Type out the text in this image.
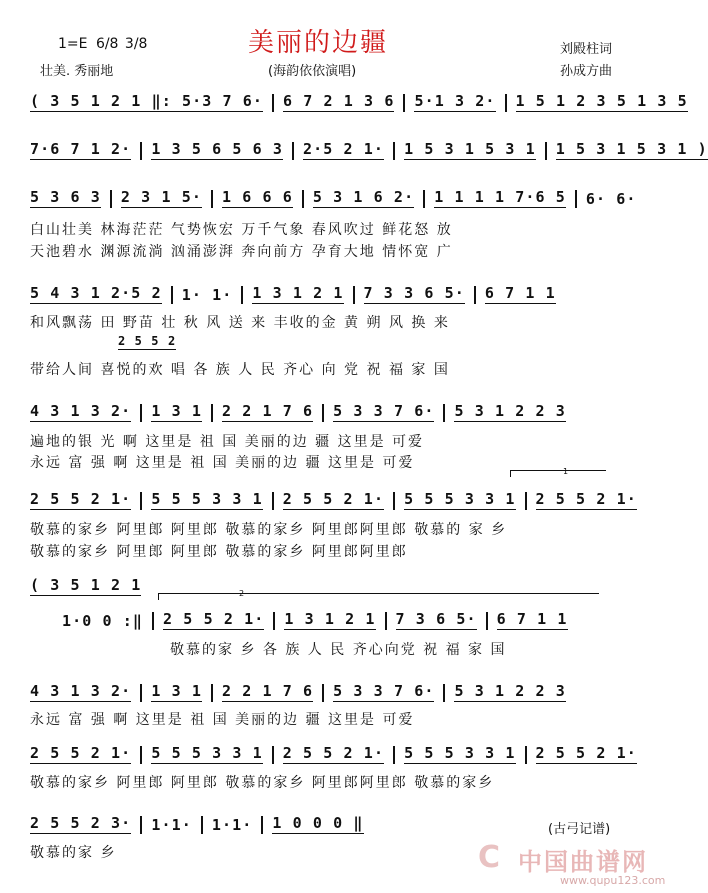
1=E 6/8 3/8	美丽的边疆	刘殿柱词
壮美. 秀丽地	(海韵依依演唱)	孙成方曲
( 3 5 1 2 1 ‖: 5·3 7 6· 6 7 2 1 3 6 5·1 3 2· 1 5 1 2 3 5 1 3 5
7·6 7 1 2· 1 3 5 6 5 6 3 2·5 2 1· 1 5 3 1 5 3 1 1 5 3 1 5 3 1 )
5 3 6 3 2 3 1 5· 1 6 6 6 5 3 1 6 2· 1 1 1 1 7·6 5 6· 6·
白山壮美 林海茫茫 气势恢宏 万千气象 春风吹过 鲜花怒 放
天池碧水 渊源流淌 汹涌澎湃 奔向前方 孕育大地 情怀宽 广
5 4 3 1 2·5 2 1· 1· 1 3 1 2 1 7 3 3 6 5· 6 7 1 1
和风飘荡 田 野苗 壮 秋 风 送 来 丰收的金 黄 朔 风 换 来
2 5 5 2
带给人间 喜悦的欢 唱 各 族 人 民 齐心 向 党 祝 福 家 国
4 3 1 3 2· 1 3 1 2 2 1 7 6 5 3 3 7 6· 5 3 1 2 2 3
遍地的银 光 啊 这里是 祖 国 美丽的边 疆 这里是 可爱
永远 富 强 啊 这里是 祖 国 美丽的边 疆 这里是 可爱
1
2 5 5 2 1· 5 5 5 3 3 1 2 5 5 2 1· 5 5 5 3 3 1 2 5 5 2 1·
敬慕的家乡 阿里郎 阿里郎 敬慕的家乡 阿里郎阿里郎 敬慕的 家 乡
敬慕的家乡 阿里郎 阿里郎 敬慕的家乡 阿里郎阿里郎
( 3 5 1 2 1	2
1·0 0 :‖ 2 5 5 2 1· 1 3 1 2 1 7 3 6 5· 6 7 1 1
敬慕的家 乡 各 族 人 民 齐心向党 祝 福 家 国
4 3 1 3 2· 1 3 1 2 2 1 7 6 5 3 3 7 6· 5 3 1 2 2 3
永远 富 强 啊 这里是 祖 国 美丽的边 疆 这里是 可爱
2 5 5 2 1· 5 5 5 3 3 1 2 5 5 2 1· 5 5 5 3 3 1 2 5 5 2 1·
敬慕的家乡 阿里郎 阿里郎 敬慕的家乡 阿里郎阿里郎 敬慕的家乡
2 5 5 2 3· 1·1· 1·1· 1 0 0 0 ‖	(古弓记谱)
敬慕的家 乡	C 中国曲谱网
www.qupu123.com
